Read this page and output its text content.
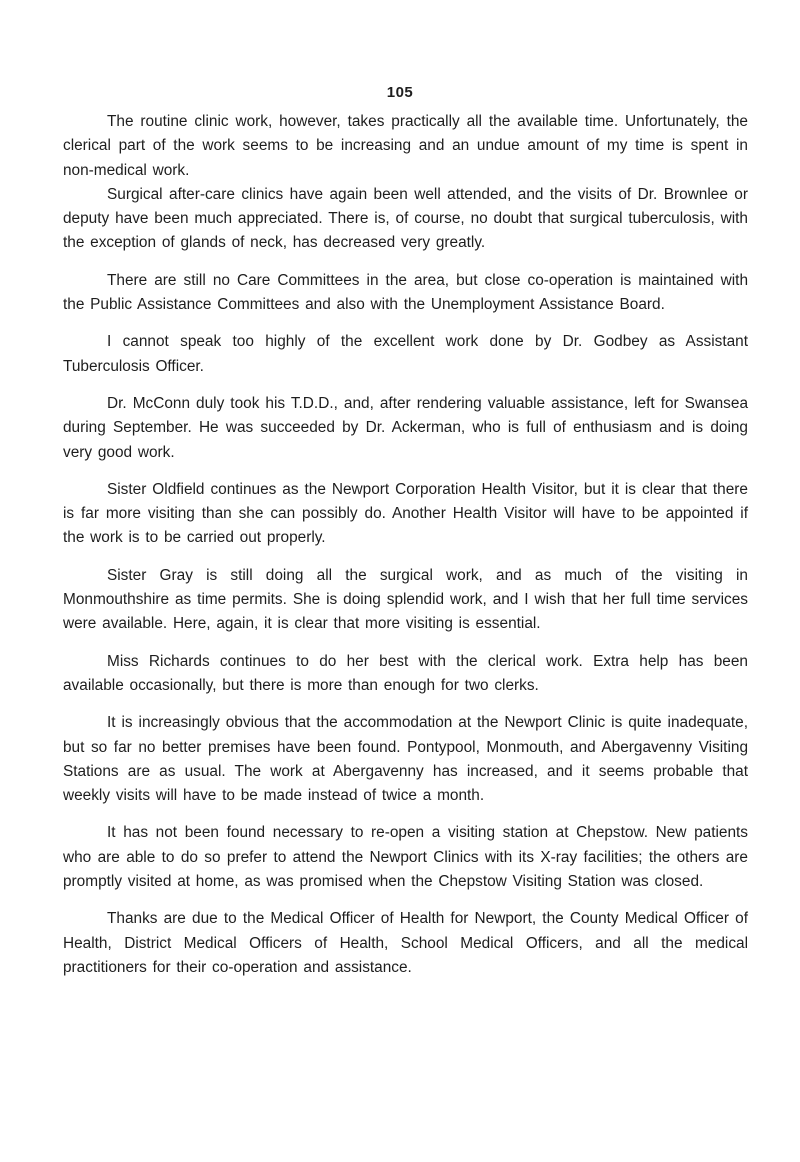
105

The routine clinic work, however, takes practically all the available time. Unfortunately, the clerical part of the work seems to be increasing and an undue amount of my time is spent in non-medical work.

Surgical after-care clinics have again been well attended, and the visits of Dr. Brownlee or deputy have been much appreciated. There is, of course, no doubt that surgical tuberculosis, with the exception of glands of neck, has decreased very greatly.

There are still no Care Committees in the area, but close co-operation is maintained with the Public Assistance Committees and also with the Unemployment Assistance Board.

I cannot speak too highly of the excellent work done by Dr. Godbey as Assistant Tuberculosis Officer.

Dr. McConn duly took his T.D.D., and, after rendering valuable assistance, left for Swansea during September. He was succeeded by Dr. Ackerman, who is full of enthusiasm and is doing very good work.

Sister Oldfield continues as the Newport Corporation Health Visitor, but it is clear that there is far more visiting than she can possibly do. Another Health Visitor will have to be appointed if the work is to be carried out properly.

Sister Gray is still doing all the surgical work, and as much of the visiting in Monmouthshire as time permits. She is doing splendid work, and I wish that her full time services were available. Here, again, it is clear that more visiting is essential.

Miss Richards continues to do her best with the clerical work. Extra help has been available occasionally, but there is more than enough for two clerks.

It is increasingly obvious that the accommodation at the Newport Clinic is quite inadequate, but so far no better premises have been found. Pontypool, Monmouth, and Abergavenny Visiting Stations are as usual. The work at Abergavenny has increased, and it seems probable that weekly visits will have to be made instead of twice a month.

It has not been found necessary to re-open a visiting station at Chepstow. New patients who are able to do so prefer to attend the Newport Clinics with its X-ray facilities; the others are promptly visited at home, as was promised when the Chepstow Visiting Station was closed.

Thanks are due to the Medical Officer of Health for Newport, the County Medical Officer of Health, District Medical Officers of Health, School Medical Officers, and all the medical practitioners for their co-operation and assistance.
